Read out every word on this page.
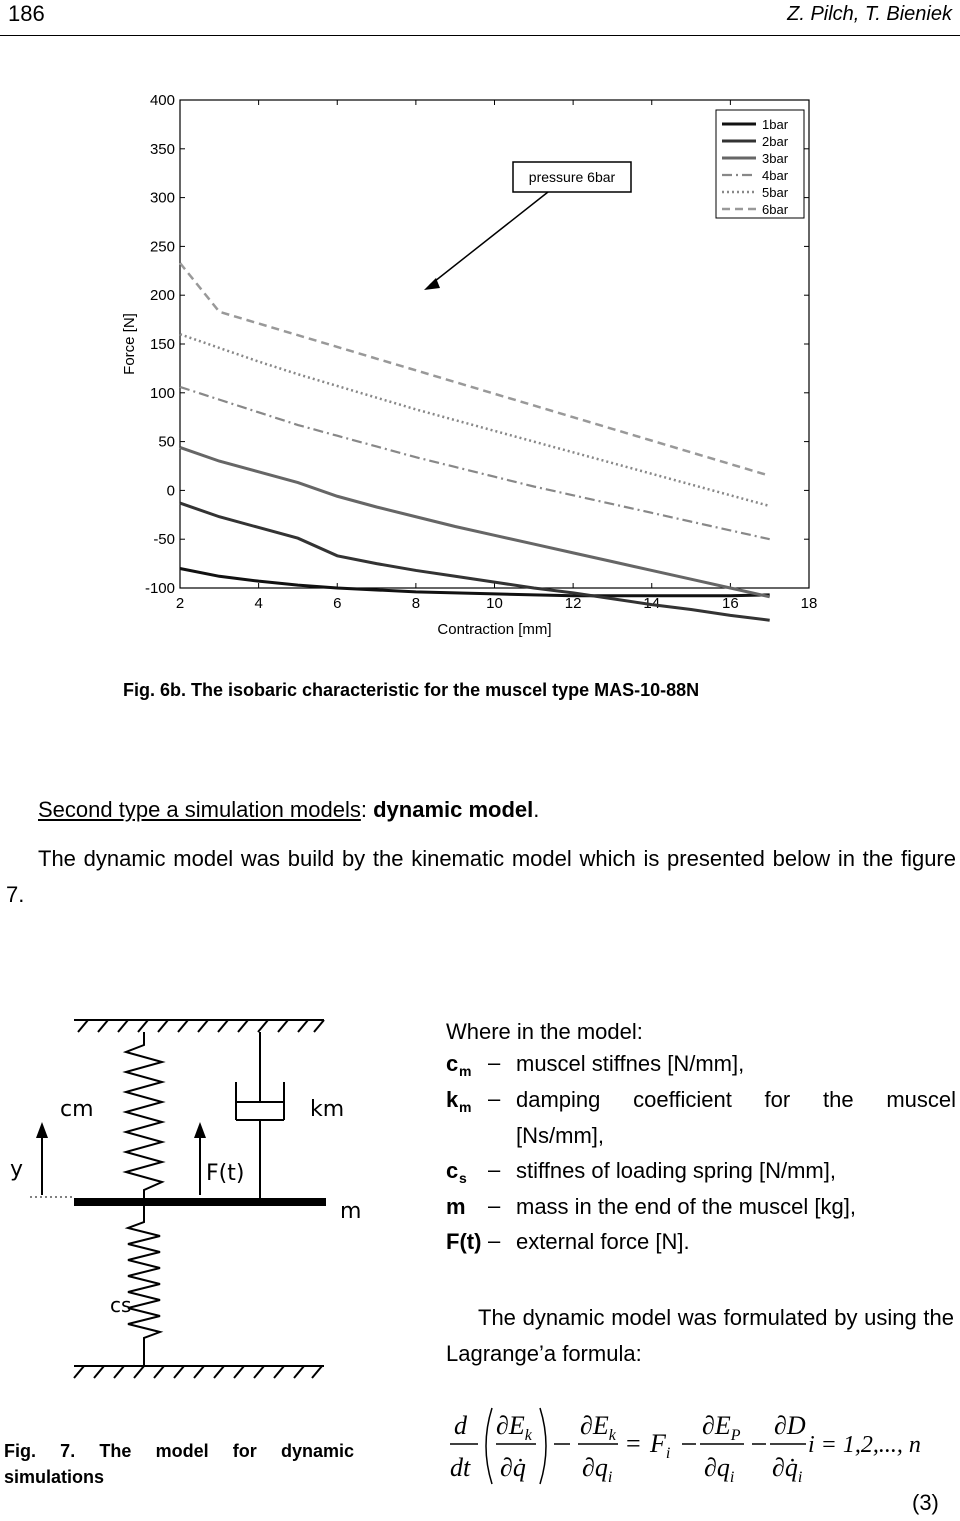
186	Z. Pilch, T. Bieniek
2	4	6	8	10	12	14	16	18
400
350
300
250
200
150
100
50
0
-50
-100
Contraction [mm]
Force [N]
1bar
2bar
3bar
4bar
5bar
6bar
pressure 6bar
Fig. 6b. The isobaric characteristic for the muscel type MAS-10-88N
Second type a simulation models: dynamic model.
The dynamic model was build by the kinematic model which is presented below in the figure 7.
cm	km
y	F(t)
m
cs
Where in the model:
c m – muscel stiffnes [N/mm],
k m – damping coefficient for the muscel
[Ns/mm],
c s – stiffnes of loading spring [N/mm],
m – mass in the end of the muscel [kg],
F(t) – external force [N].
The dynamic model was formulated by using the Lagrange’a formula:
Fig. 7. The model for dynamic simulations
d
dt
$\partial E_k$
∂q̇
$\partial E_k$
$\partial q_i$
= $F_i$
$\partial E_P$
$\partial q_i$
∂D
$\partial q̇_i$
i = 1,2,..., n
(3)
